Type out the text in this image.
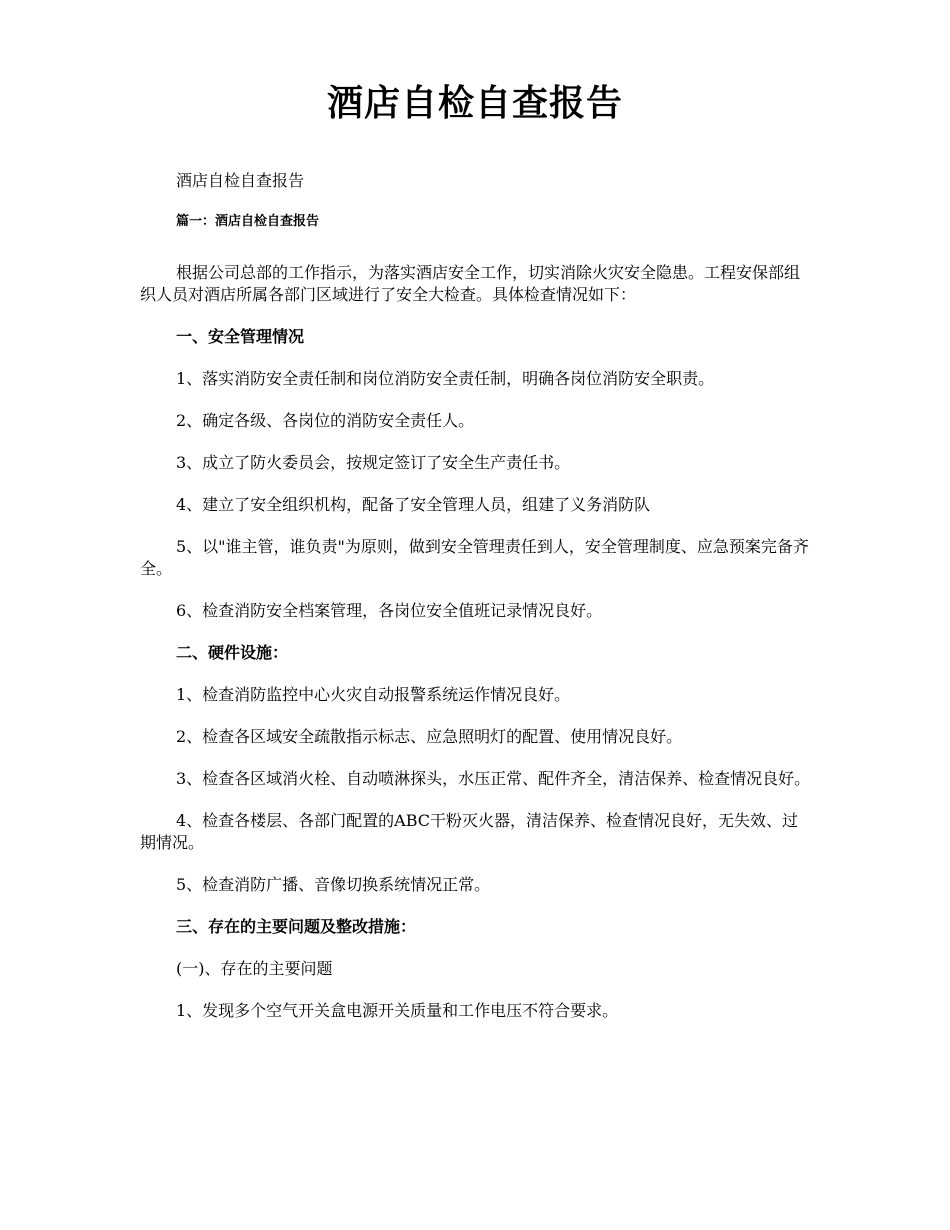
酒店自检自查报告

酒店自检自查报告

篇一：酒店自检自查报告

根据公司总部的工作指示，为落实酒店安全工作，切实消除火灾安全隐患。工程安保部组织人员对酒店所属各部门区域进行了安全大检查。具体检查情况如下：

一、安全管理情况

1、落实消防安全责任制和岗位消防安全责任制，明确各岗位消防安全职责。

2、确定各级、各岗位的消防安全责任人。

3、成立了防火委员会，按规定签订了安全生产责任书。

4、建立了安全组织机构，配备了安全管理人员，组建了义务消防队

5、以"谁主管，谁负责"为原则，做到安全管理责任到人，安全管理制度、应急预案完备齐全。

6、检查消防安全档案管理，各岗位安全值班记录情况良好。

二、硬件设施：

1、检查消防监控中心火灾自动报警系统运作情况良好。

2、检查各区域安全疏散指示标志、应急照明灯的配置、使用情况良好。

3、检查各区域消火栓、自动喷淋探头，水压正常、配件齐全，清洁保养、检查情况良好。

4、检查各楼层、各部门配置的ABC干粉灭火器，清洁保养、检查情况良好，无失效、过期情况。

5、检查消防广播、音像切换系统情况正常。

三、存在的主要问题及整改措施：

(一)、存在的主要问题

1、发现多个空气开关盒电源开关质量和工作电压不符合要求。
